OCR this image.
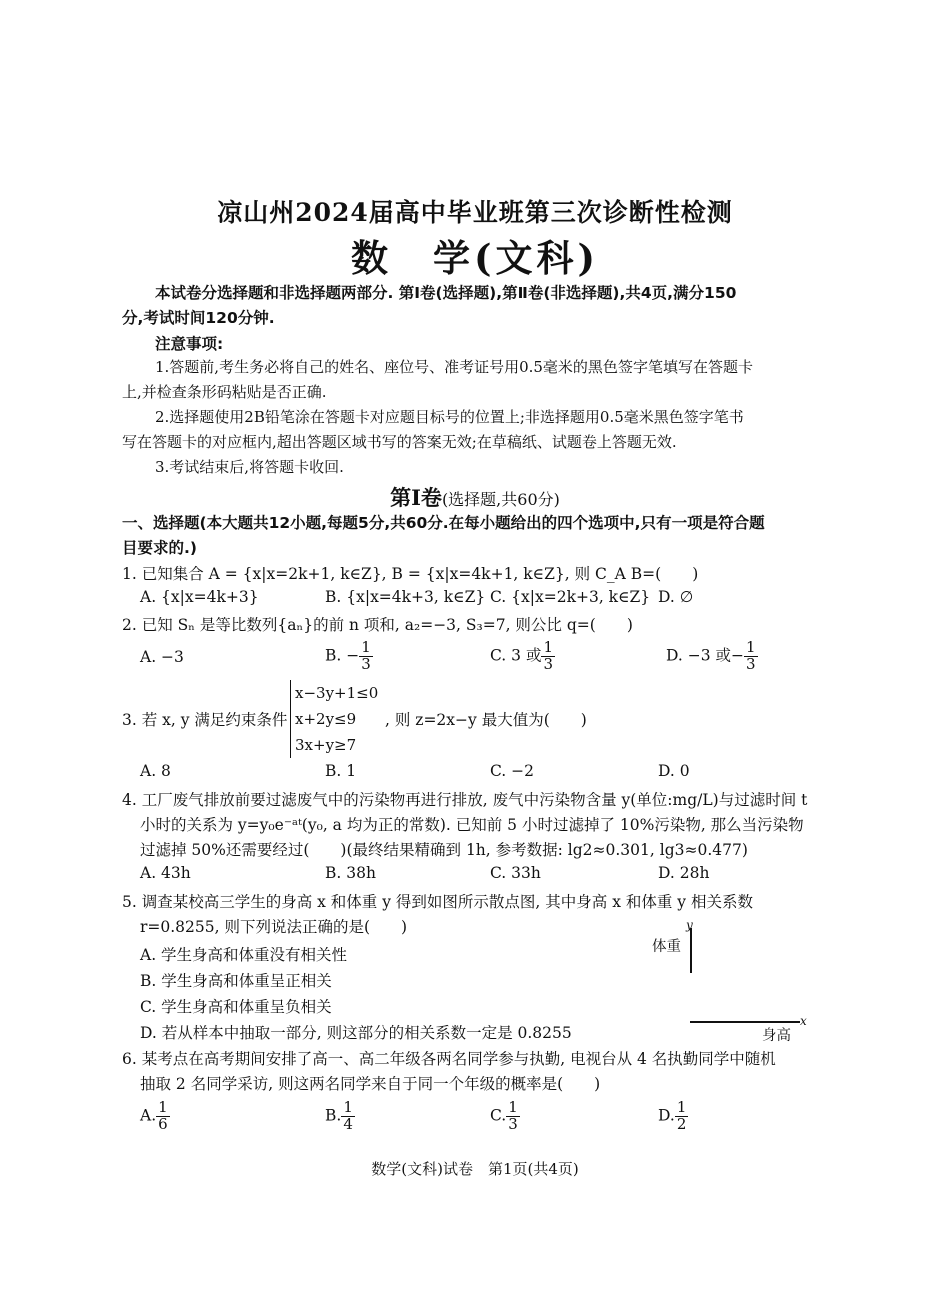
凉山州2024届高中毕业班第三次诊断性检测
数　学(文科)
本试卷分选择题和非选择题两部分. 第Ⅰ卷(选择题),第Ⅱ卷(非选择题),共4页,满分150
分,考试时间120分钟.
注意事项:
1.答题前,考生务必将自己的姓名、座位号、准考证号用0.5毫米的黑色签字笔填写在答题卡
上,并检查条形码粘贴是否正确.
2.选择题使用2B铅笔涂在答题卡对应题目标号的位置上;非选择题用0.5毫米黑色签字笔书
写在答题卡的对应框内,超出答题区域书写的答案无效;在草稿纸、试题卷上答题无效.
3.考试结束后,将答题卡收回.
第Ⅰ卷(选择题,共60分)
一、选择题(本大题共12小题,每题5分,共60分.在每小题给出的四个选项中,只有一项是符合题
目要求的.)
1. 已知集合 A = {x|x=2k+1, k∈Z}, B = {x|x=4k+1, k∈Z}, 则 C_A B=(　　)
A. {x|x=4k+3}	B. {x|x=4k+3, k∈Z} C. {x|x=2k+3, k∈Z} D. ∅
2. 已知 Sₙ 是等比数列{aₙ}的前 n 项和, a₂=−3, S₃=7, 则公比 q=(　　)
A. −3	B. − $\frac{1}{3}$	C. 3 或 $\frac{1}{3}$	D. −3 或− $\frac{1}{3}$
3. 若 x, y 满足约束条件
x−3y+1≤0
x+2y≤9
3x+y≥7
, 则 z=2x−y 最大值为(　　)
A. 8	B. 1	C. −2	D. 0
4. 工厂废气排放前要过滤废气中的污染物再进行排放, 废气中污染物含量 y(单位:mg/L)与过滤时间 t
小时的关系为 y=y₀e⁻ᵃᵗ(y₀, a 均为正的常数). 已知前 5 小时过滤掉了 10%污染物, 那么当污染物
过滤掉 50%还需要经过(　　)(最终结果精确到 1h, 参考数据: lg2≈0.301, lg3≈0.477)
A. 43h	B. 38h	C. 33h	D. 28h
5. 调查某校高三学生的身高 x 和体重 y 得到如图所示散点图, 其中身高 x 和体重 y 相关系数
r=0.8255, 则下列说法正确的是(　　)
A. 学生身高和体重没有相关性
B. 学生身高和体重呈正相关
C. 学生身高和体重呈负相关
D. 若从样本中抽取一部分, 则这部分的相关系数一定是 0.8255
y
体重
身高
x
6. 某考点在高考期间安排了高一、高二年级各两名同学参与执勤, 电视台从 4 名执勤同学中随机
抽取 2 名同学采访, 则这两名同学来自于同一个年级的概率是(　　)
A. $\frac{1}{6}$	B. $\frac{1}{4}$	C. $\frac{1}{3}$	D. $\frac{1}{2}$
数学(文科)试卷　第1页(共4页)
